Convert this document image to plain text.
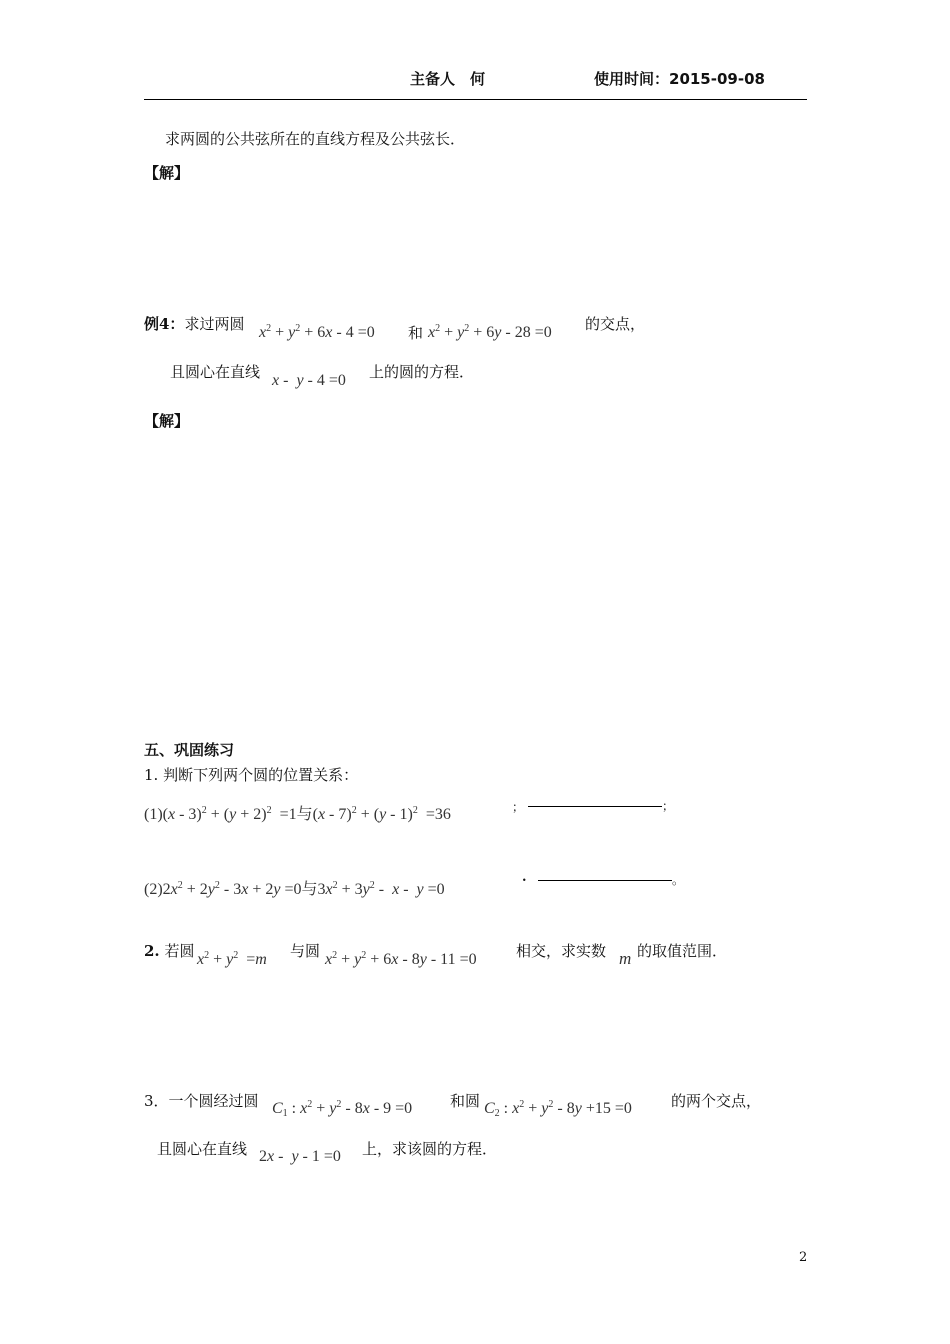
主备人　何	使用时间：2015-09-08
求两圆的公共弦所在的直线方程及公共弦长．
【解】
例4：求过两圆 $x^2 + y^2 + 6x - 4 =0$ 和 $x^2 + y^2 + 6y - 28 =0$ 的交点，
且圆心在直线 x -  y - 4 =0 上的圆的方程．
【解】
五、巩固练习
1. 判断下列两个圆的位置关系：
$(1)(x - 3)^2 + (y + 2)^2 =1$与(x - 7)$^2$ + (y - 1)$^2$  =36	；	；
$(2)2x^2 + 2y^2 - 3x + 2y =0$与$3x^2 + 3y^2 - x - y =0$
.	。
2. 若圆 $x^2 + y^2 =m$ 与圆 $x^2 + y^2 + 6x - 8y - 11 =0$	相交，求实数 m 的取值范围．
3．一个圆经过圆 $C_1$ : $x^2 + y^2 - 8x - 9 =0$	和圆 $C_2$ : $x^2 + y^2 - 8y +15 =0$	的两个交点，
且圆心在直线 2x -  y - 1 =0 上，求该圆的方程．
2
